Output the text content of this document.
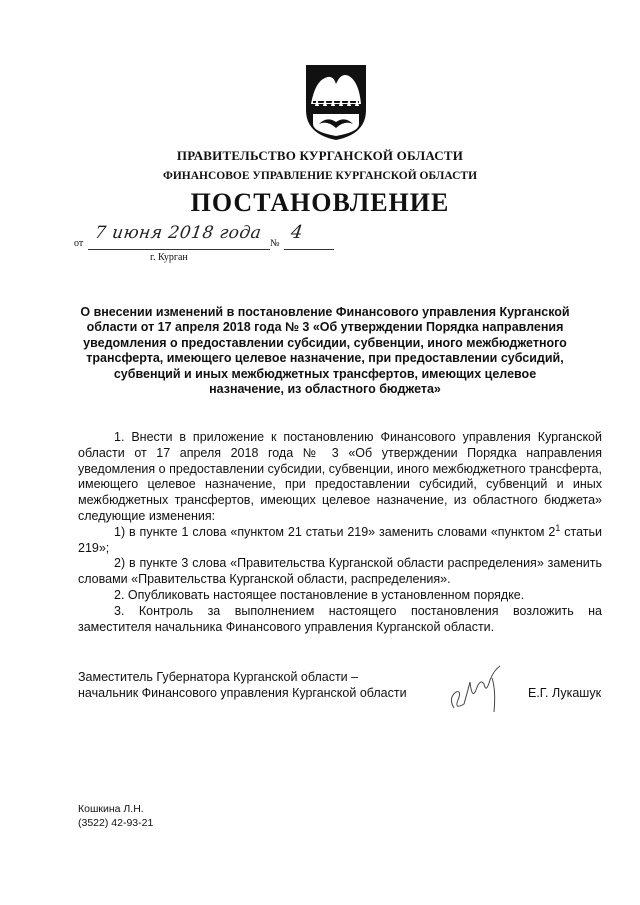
ПРАВИТЕЛЬСТВО КУРГАНСКОЙ ОБЛАСТИ
ФИНАНСОВОЕ УПРАВЛЕНИЕ КУРГАНСКОЙ ОБЛАСТИ
ПОСТАНОВЛЕНИЕ
от
7 июня 2018 года
№
4
г. Курган
О внесении изменений в постановление Финансового управления Курганской области от 17 апреля 2018 года № 3 «Об утверждении Порядка направления уведомления о предоставлении субсидии, субвенции, иного межбюджетного трансферта, имеющего целевое назначение, при предоставлении субсидий, субвенций и иных межбюджетных трансфертов, имеющих целевое назначение, из областного бюджета»

1. Внести в приложение к постановлению Финансового управления Курганской области от 17 апреля 2018 года № 3 «Об утверждении Порядка направления уведомления о предоставлении субсидии, субвенции, иного межбюджетного трансферта, имеющего целевое назначение, при предоставлении субсидий, субвенций и иных межбюджетных трансфертов, имеющих целевое назначение, из областного бюджета» следующие изменения:

1) в пункте 1 слова «пунктом 21 статьи 219» заменить словами «пунктом $2^1$ статьи 219»;

2) в пункте 3 слова «Правительства Курганской области распределения» заменить словами «Правительства Курганской области, распределения».

2. Опубликовать настоящее постановление в установленном порядке.

3. Контроль за выполнением настоящего постановления возложить на заместителя начальника Финансового управления Курганской области.

Заместитель Губернатора Курганской области –
начальник Финансового управления Курганской области	Е.Г. Лукашук
Кошкина Л.Н.
(3522) 42-93-21
